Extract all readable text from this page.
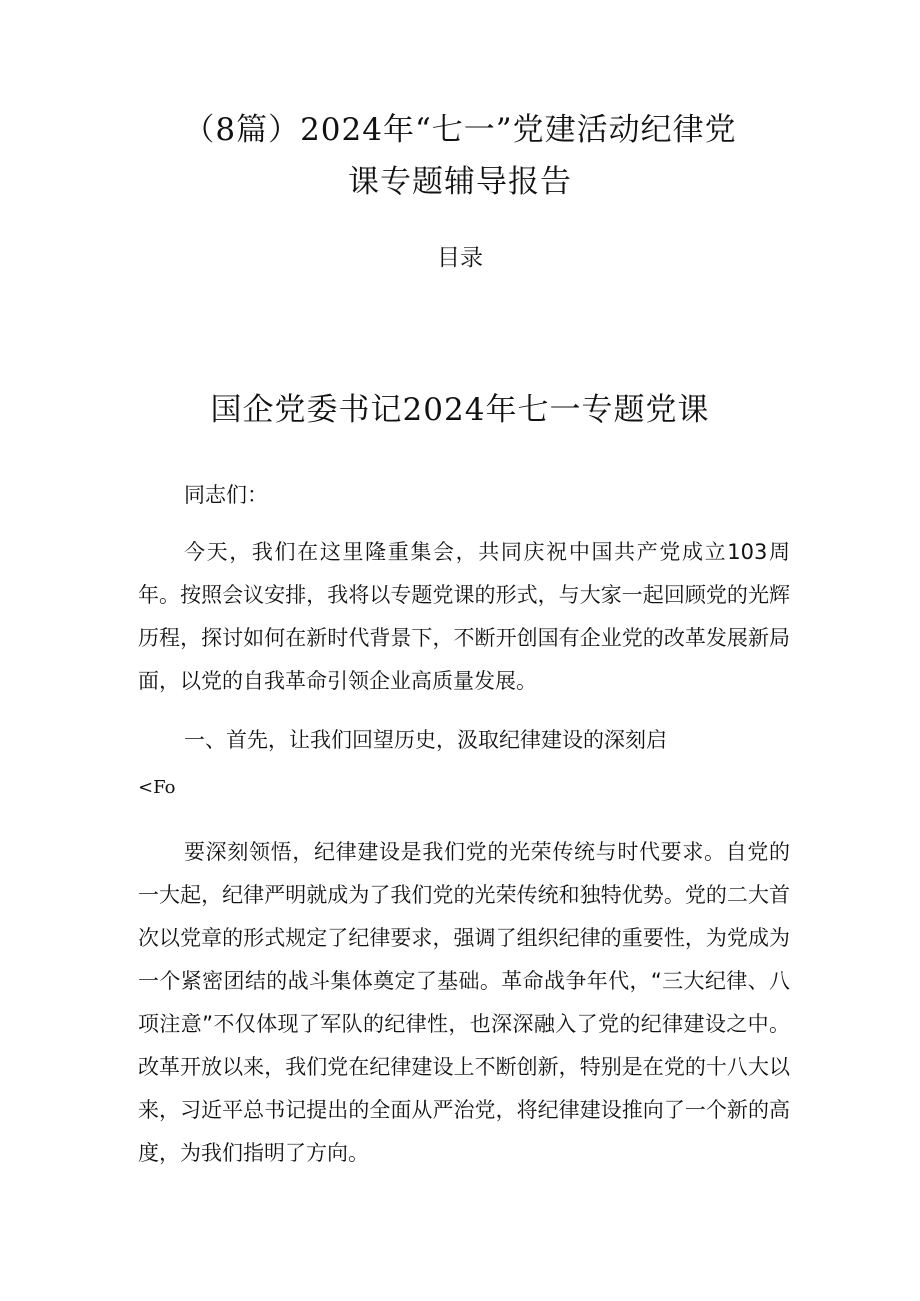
（8篇）2024年“七一”党建活动纪律党
课专题辅导报告

目录

国企党委书记2024年七一专题党课

同志们：

今天，我们在这里隆重集会，共同庆祝中国共产党成立103周年。按照会议安排，我将以专题党课的形式，与大家一起回顾党的光辉历程，探讨如何在新时代背景下，不断开创国有企业党的改革发展新局面，以党的自我革命引领企业高质量发展。

一、首先，让我们回望历史，汲取纪律建设的深刻启

<Fo

要深刻领悟，纪律建设是我们党的光荣传统与时代要求。自党的一大起，纪律严明就成为了我们党的光荣传统和独特优势。党的二大首次以党章的形式规定了纪律要求，强调了组织纪律的重要性，为党成为一个紧密团结的战斗集体奠定了基础。革命战争年代，“三大纪律、八项注意”不仅体现了军队的纪律性，也深深融入了党的纪律建设之中。改革开放以来，我们党在纪律建设上不断创新，特别是在党的十八大以来，习近平总书记提出的全面从严治党，将纪律建设推向了一个新的高度，为我们指明了方向。
